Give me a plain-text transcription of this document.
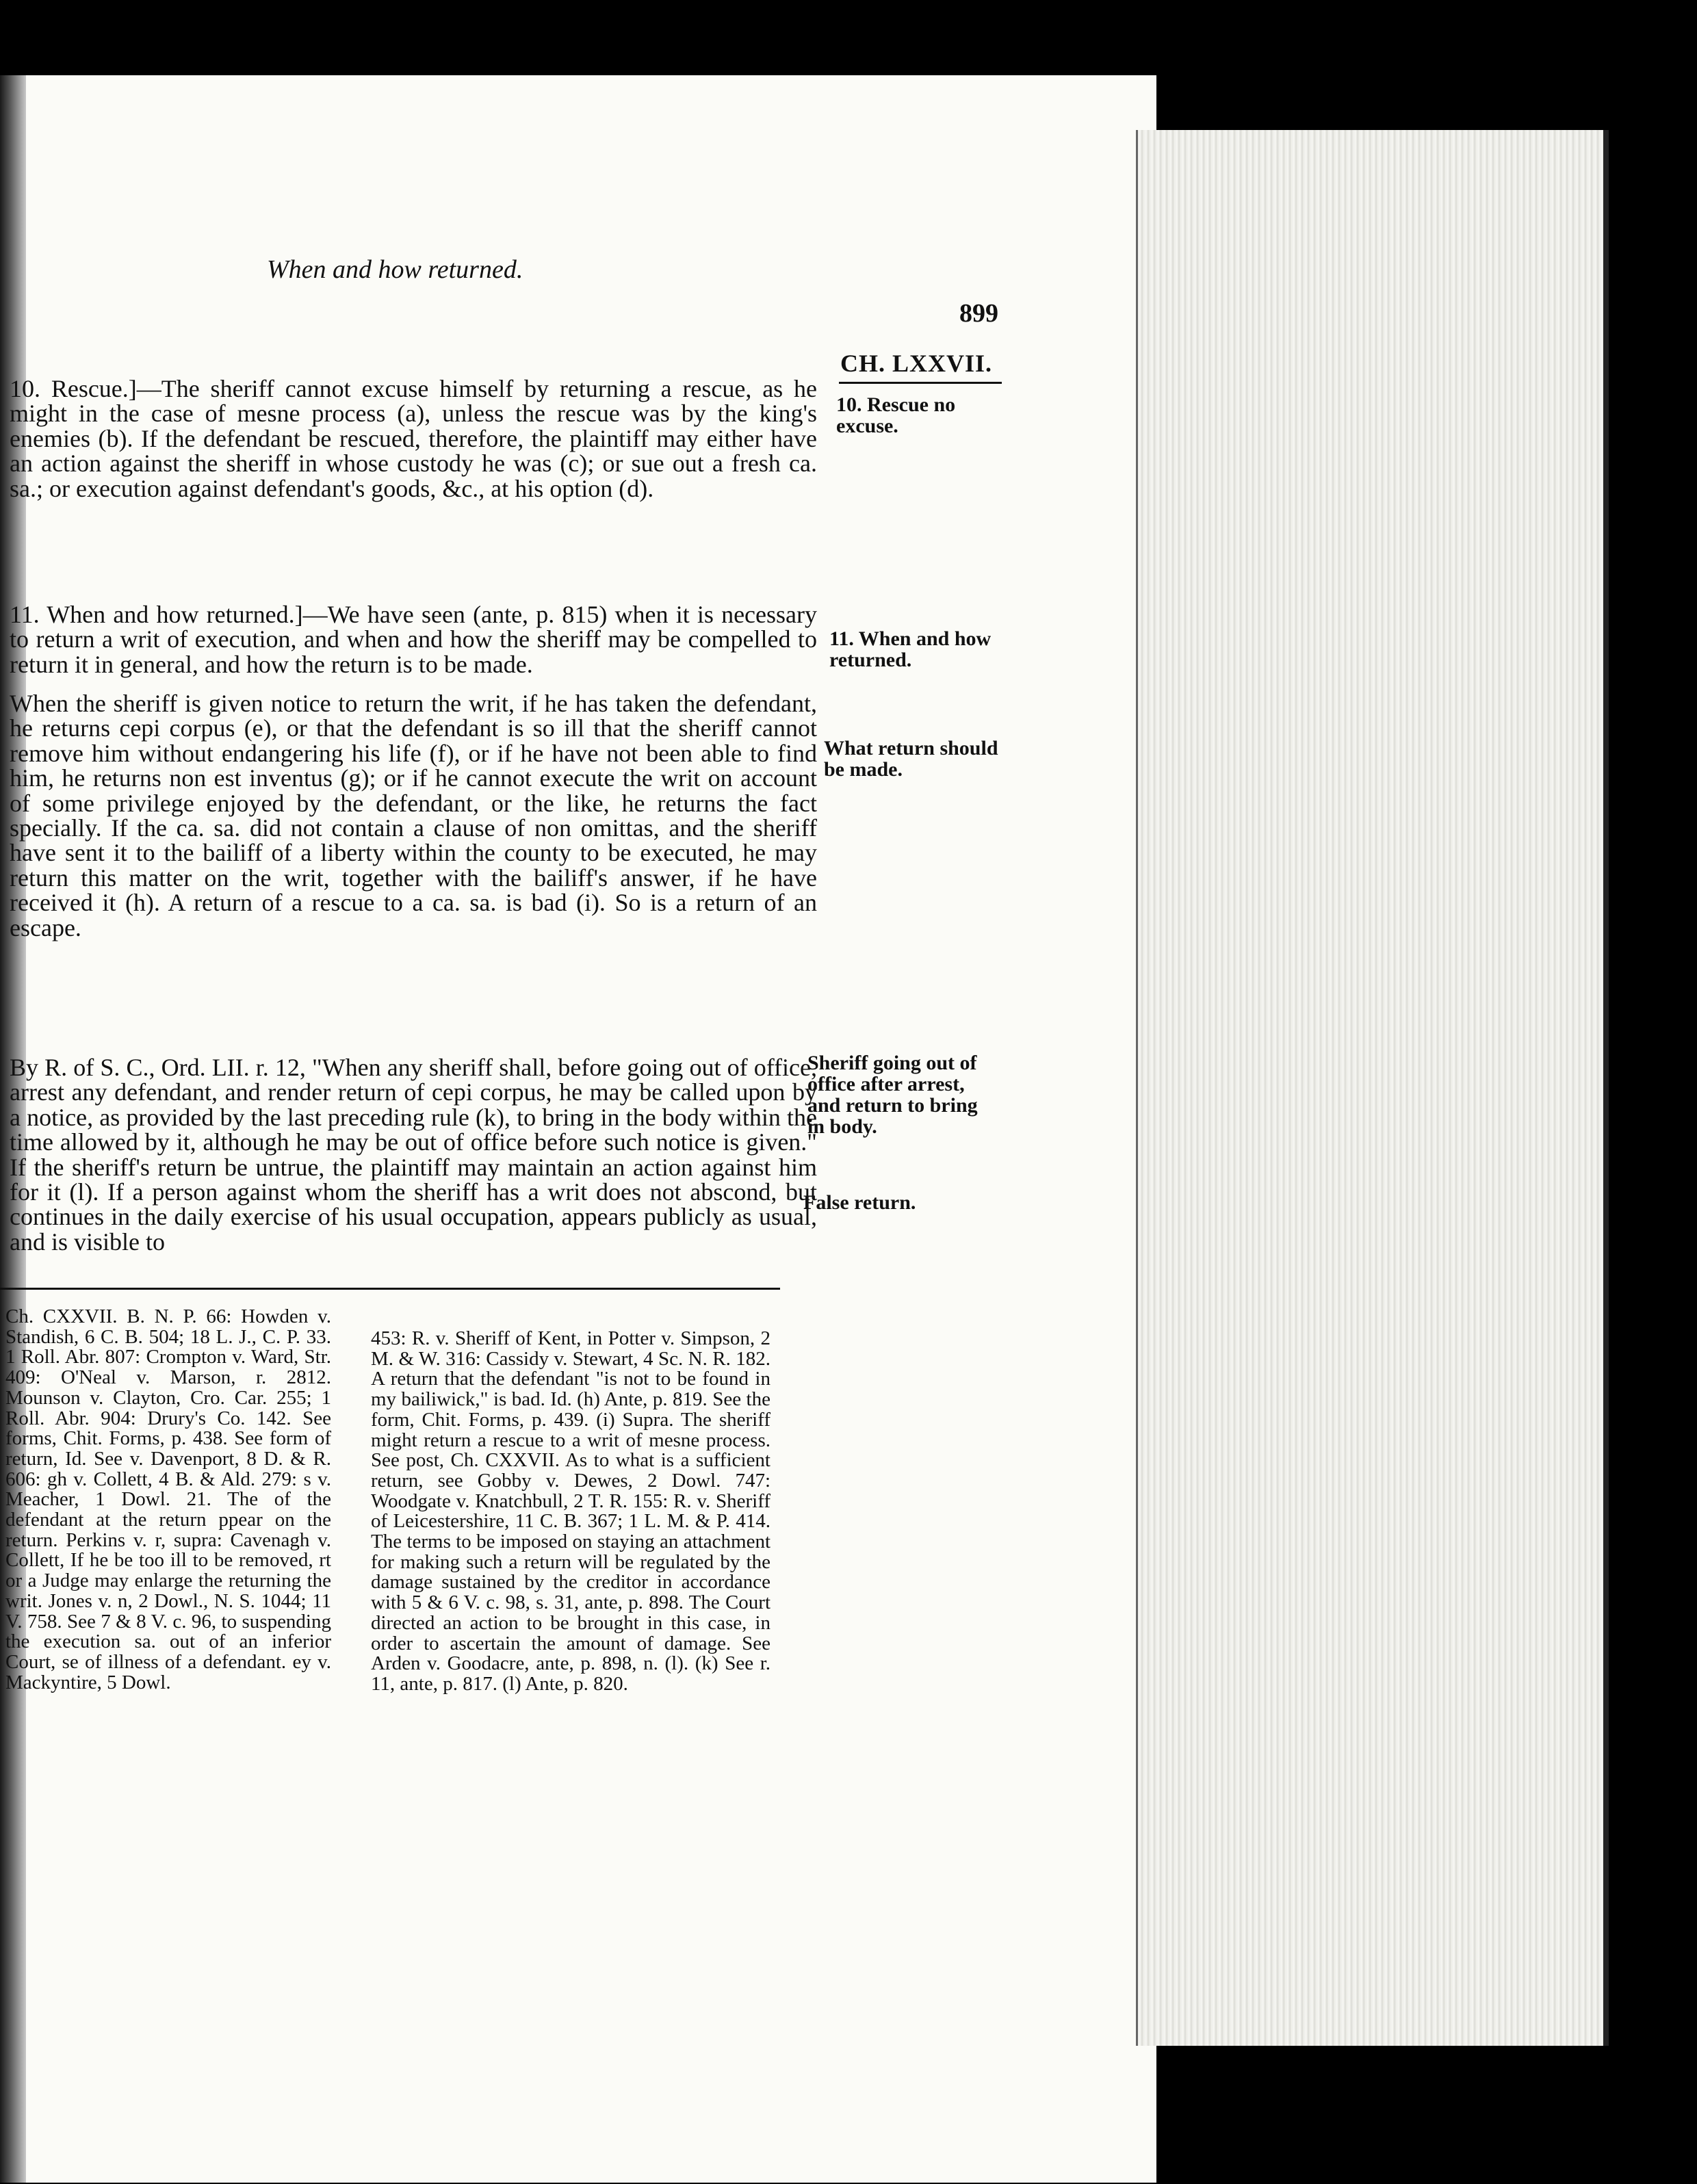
When and how returned.
899
CH. LXXVII.

10. Rescue.]—The sheriff cannot excuse himself by returning a rescue, as he might in the case of mesne process (a), unless the rescue was by the king's enemies (b). If the defendant be rescued, therefore, the plaintiff may either have an action against the sheriff in whose custody he was (c); or sue out a fresh ca. sa.; or execution against defendant's goods, &c., at his option (d).

11. When and how returned.]—We have seen (ante, p. 815) when it is necessary to return a writ of execution, and when and how the sheriff may be compelled to return it in general, and how the return is to be made.

When the sheriff is given notice to return the writ, if he has taken the defendant, he returns cepi corpus (e), or that the defendant is so ill that the sheriff cannot remove him without endangering his life (f), or if he have not been able to find him, he returns non est inventus (g); or if he cannot execute the writ on account of some privilege enjoyed by the defendant, or the like, he returns the fact specially. If the ca. sa. did not contain a clause of non omittas, and the sheriff have sent it to the bailiff of a liberty within the county to be executed, he may return this matter on the writ, together with the bailiff's answer, if he have received it (h). A return of a rescue to a ca. sa. is bad (i). So is a return of an escape.

By R. of S. C., Ord. LII. r. 12, "When any sheriff shall, before going out of office, arrest any defendant, and render return of cepi corpus, he may be called upon by a notice, as provided by the last preceding rule (k), to bring in the body within the time allowed by it, although he may be out of office before such notice is given." If the sheriff's return be untrue, the plaintiff may maintain an action against him for it (l). If a person against whom the sheriff has a writ does not abscond, but continues in the daily exercise of his usual occupation, appears publicly as usual, and is visible to

10. Rescue no excuse.
11. When and how returned.
What return should be made.
Sheriff going out of office after arrest, and return to bring in body.
False return.

Ch. CXXVII. B. N. P. 66: Howden v. Standish, 6 C. B. 504; 18 L. J., C. P. 33. 1 Roll. Abr. 807: Crompton v. Ward, Str. 409: O'Neal v. Marson, r. 2812. Mounson v. Clayton, Cro. Car. 255; 1 Roll. Abr. 904: Drury's Co. 142. See forms, Chit. Forms, p. 438. See form of return, Id. See v. Davenport, 8 D. & R. 606: gh v. Collett, 4 B. & Ald. 279: s v. Meacher, 1 Dowl. 21. The of the defendant at the return ppear on the return. Perkins v. r, supra: Cavenagh v. Collett, If he be too ill to be removed, rt or a Judge may enlarge the returning the writ. Jones v. n, 2 Dowl., N. S. 1044; 11 V. 758. See 7 & 8 V. c. 96, to suspending the execution sa. out of an inferior Court, se of illness of a defendant. ey v. Mackyntire, 5 Dowl.

453: R. v. Sheriff of Kent, in Potter v. Simpson, 2 M. & W. 316: Cassidy v. Stewart, 4 Sc. N. R. 182. A return that the defendant "is not to be found in my bailiwick," is bad. Id. (h) Ante, p. 819. See the form, Chit. Forms, p. 439. (i) Supra. The sheriff might return a rescue to a writ of mesne process. See post, Ch. CXXVII. As to what is a sufficient return, see Gobby v. Dewes, 2 Dowl. 747: Woodgate v. Knatchbull, 2 T. R. 155: R. v. Sheriff of Leicestershire, 11 C. B. 367; 1 L. M. & P. 414. The terms to be imposed on staying an attachment for making such a return will be regulated by the damage sustained by the creditor in accordance with 5 & 6 V. c. 98, s. 31, ante, p. 898. The Court directed an action to be brought in this case, in order to ascertain the amount of damage. See Arden v. Goodacre, ante, p. 898, n. (l). (k) See r. 11, ante, p. 817. (l) Ante, p. 820.
